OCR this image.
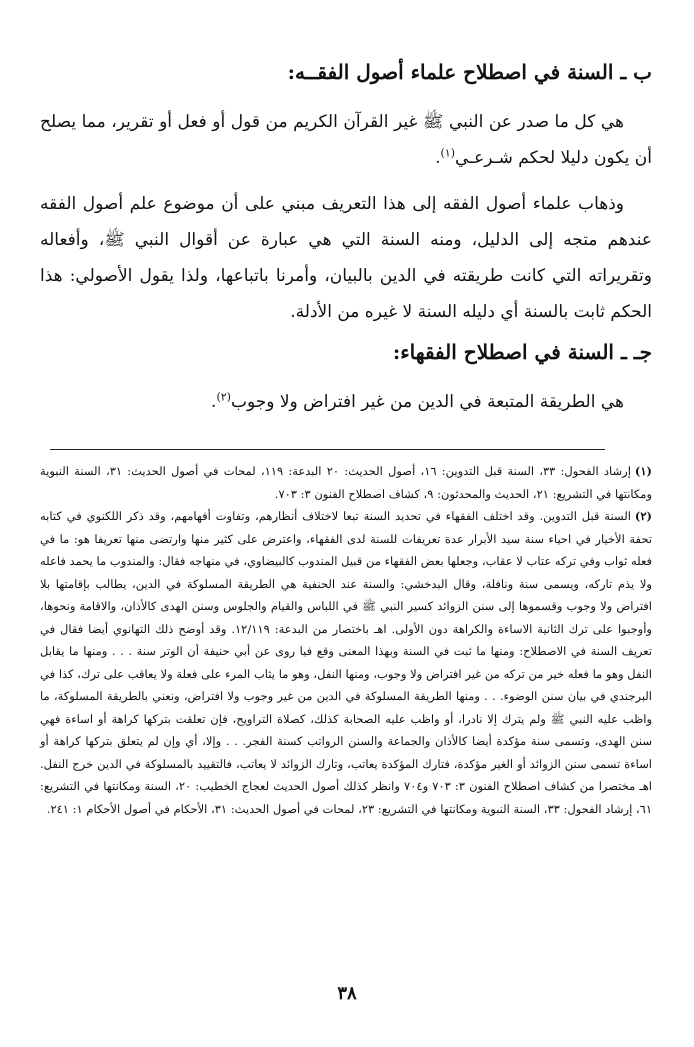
ب ـ السنة في اصطلاح علماء أصول الفقــه:

هي كل ما صدر عن النبي ﷺ غير القرآن الكريم من قول أو فعل أو تقرير، مما يصلح أن يكون دليلا لحكم شـرعـي$^{(١)}$.

وذهاب علماء أصول الفقه إلى هذا التعريف مبني على أن موضوع علم أصول الفقه عندهم متجه إلى الدليل، ومنه السنة التي هي عبارة عن أقوال النبي ﷺ، وأفعاله وتقريراته التي كانت طريقته في الدين بالبيان، وأمرنا باتباعها، ولذا يقول الأصولي: هذا الحكم ثابت بالسنة أي دليله السنة لا غيره من الأدلة.

جـ ـ السنة في اصطلاح الفقهاء:

هي الطريقة المتبعة في الدين من غير افتراض ولا وجوب$^{(٢)}$.

(١)إرشاد الفحول: ٣٣، السنة قبل التدوين: ١٦، أصول الحديث: ٢٠ البدعة: ١١٩، لمحات في أصول الحديث: ٣١، السنة النبوية ومكانتها في التشريع: ٢١، الحديث والمحدثون: ٩، كشاف اصطلاح الفنون ٣: ٧٠٣.

(٢)السنة قبل التدوين. وقد اختلف الفقهاء في تحديد السنة تبعا لاختلاف أنظارهم، وتفاوت أفهامهم، وقد ذكر اللكنوي في كتابه تحفة الأخيار في احياء سنة سيد الأبرار عدة تعريفات للسنة لدى الفقهاء، واعترض على كثير منها وارتضى منها تعريفا هو: ما في فعله ثواب وفي تركه عتاب لا عقاب، وجعلها بعض الفقهاء من قبيل المندوب كالبيضاوي، في منهاجه فقال: والمندوب ما يحمد فاعله ولا يذم تاركه، ويسمى سنة ونافلة، وقال البدخشي: والسنة عند الحنفية هي الطريقة المسلوكة في الدين، يطالب بإقامتها بلا افتراض ولا وجوب وقسموها إلى سنن الزوائد كسير النبي ﷺ في اللباس والقيام والجلوس وسنن الهدى كالأذان، والاقامة ونحوها، وأوجبوا على ترك الثانية الاساءة والكراهة دون الأولى. اهـ باختصار من البدعة: ١٢/١١٩. وقد أوضح ذلك التهانوي أيضا فقال في تعريف السنة في الاصطلاح: ومنها ما ثبت في السنة وبهذا المعنى وقع فيا روى عن أبي حنيفة أن الوتر سنة . . . ومنها ما يقابل النفل وهو ما فعله خير من تركه من غير افتراض ولا وجوب، ومنها النفل، وهو ما يثاب المرء على فعلة ولا يعاقب على ترك، كذا في البرجندي في بيان سنن الوضوء. . . ومنها الطريقة المسلوكة في الدين من غير وجوب ولا افتراض، ونعني بالطريقة المسلوكة، ما واظب عليه النبي ﷺ ولم يترك إلا نادرا، أو واظب عليه الصحابة كذلك، كصلاة التراويح، فإن تعلقت بتركها كراهة أو اساءة فهي سنن الهدى، وتسمى سنة مؤكدة أيضا كالأذان والجماعة والسنن الرواتب كسنة الفجر. . . وإلا، أي وإن لم يتعلق بتركها كراهة أو اساءة تسمى سنن الزوائد أو الغير مؤكدة، فتارك المؤكدة يعاتب، وتارك الزوائد لا يعاتب، فالتقييد بالمسلوكة في الدين خرج النفل. اهـ مختصرا من كشاف اصطلاح الفنون ٣: ٧٠٣ و٧٠٤ وانظر كذلك أصول الحديث لعجاج الخطيب: ٢٠، السنة ومكانتها في التشريع: ٦١، إرشاد الفحول: ٣٣، السنة النبوية ومكانتها في التشريع: ٢٣، لمحات في أصول الحديث: ٣١، الأحكام في أصول الأحكام ١: ٢٤١.

٣٨
